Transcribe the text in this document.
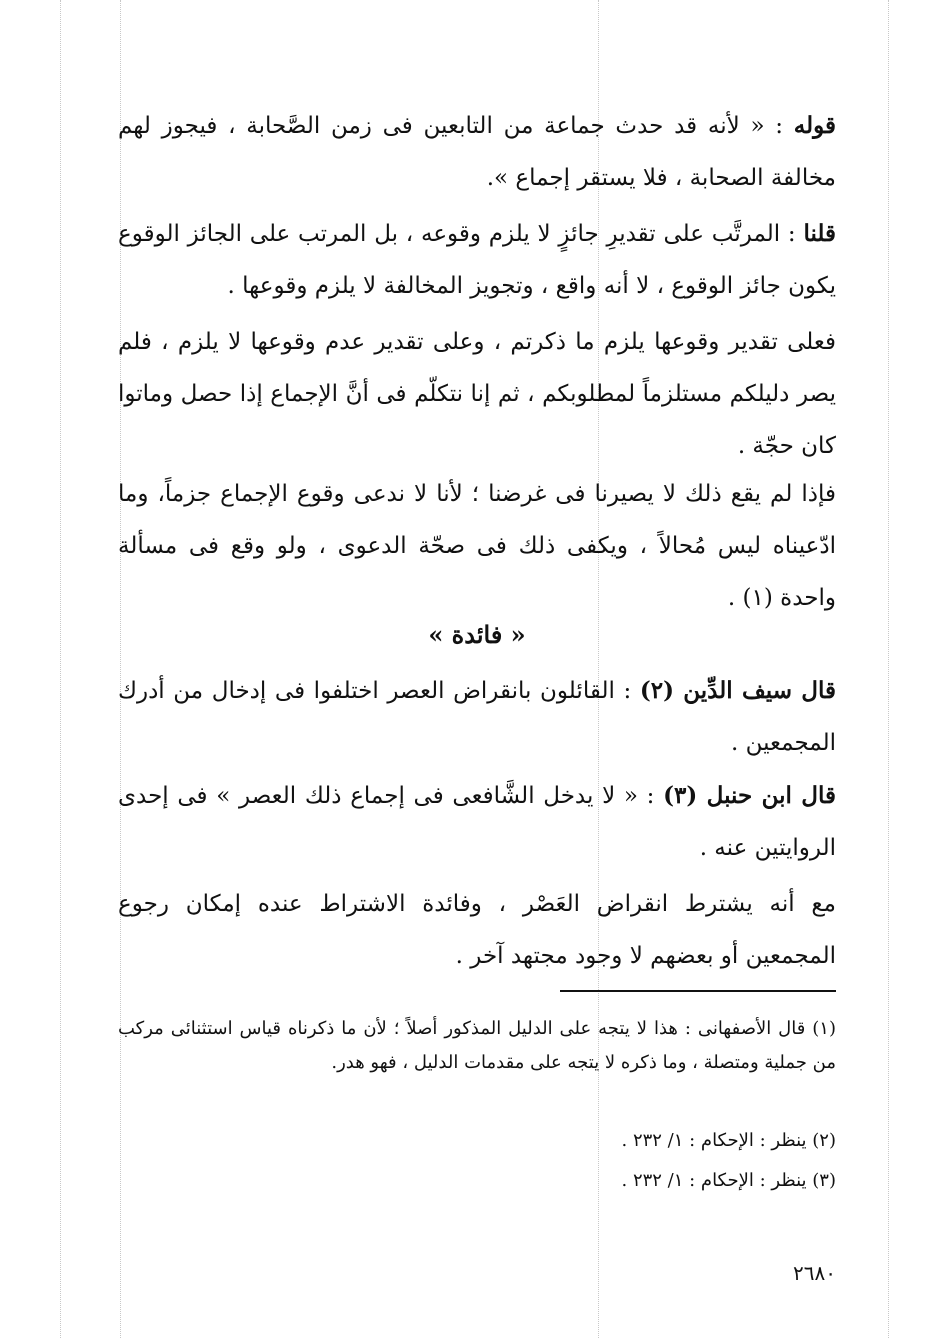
قوله : « لأنه قد حدث جماعة من التابعين فى زمن الصَّحابة ، فيجوز لهم مخالفة الصحابة ، فلا يستقر إجماع ».

قلنا : المرتَّب على تقديرِ جائزٍ لا يلزم وقوعه ، بل المرتب على الجائز الوقوع يكون جائز الوقوع ، لا أنه واقع ، وتجويز المخالفة لا يلزم وقوعها .

فعلى تقدير وقوعها يلزم ما ذكرتم ، وعلى تقدير عدم وقوعها لا يلزم ، فلم يصر دليلكم مستلزماً لمطلوبكم ، ثم إنا نتكلّم فى أنَّ الإجماع إذا حصل وماتوا كان حجّة .

فإذا لم يقع ذلك لا يصيرنا فى غرضنا ؛ لأنا لا ندعى وقوع الإجماع جزماً، وما ادّعيناه ليس مُحالاً ، ويكفى ذلك فى صحّة الدعوى ، ولو وقع فى مسألة واحدة (١) .

« فائدة »

قال سيف الدِّين (٢) : القائلون بانقراض العصر اختلفوا فى إدخال من أدرك المجمعين .

قال ابن حنبل (٣) : « لا يدخل الشَّافعى فى إجماع ذلك العصر » فى إحدى الروايتين عنه .

مع أنه يشترط انقراض العَصْر ، وفائدة الاشتراط عنده إمكان رجوع المجمعين أو بعضهم لا وجود مجتهد آخر .

(١) قال الأصفهانى : هذا لا يتجه على الدليل المذكور أصلاً ؛ لأن ما ذكرناه قياس استثنائى مركب من جملية ومتصلة ، وما ذكره لا يتجه على مقدمات الدليل ، فهو هدر.

(٢) ينظر : الإحكام : ١/ ٢٣٢ .

(٣) ينظر : الإحكام : ١/ ٢٣٢ .

٢٦٨٠
